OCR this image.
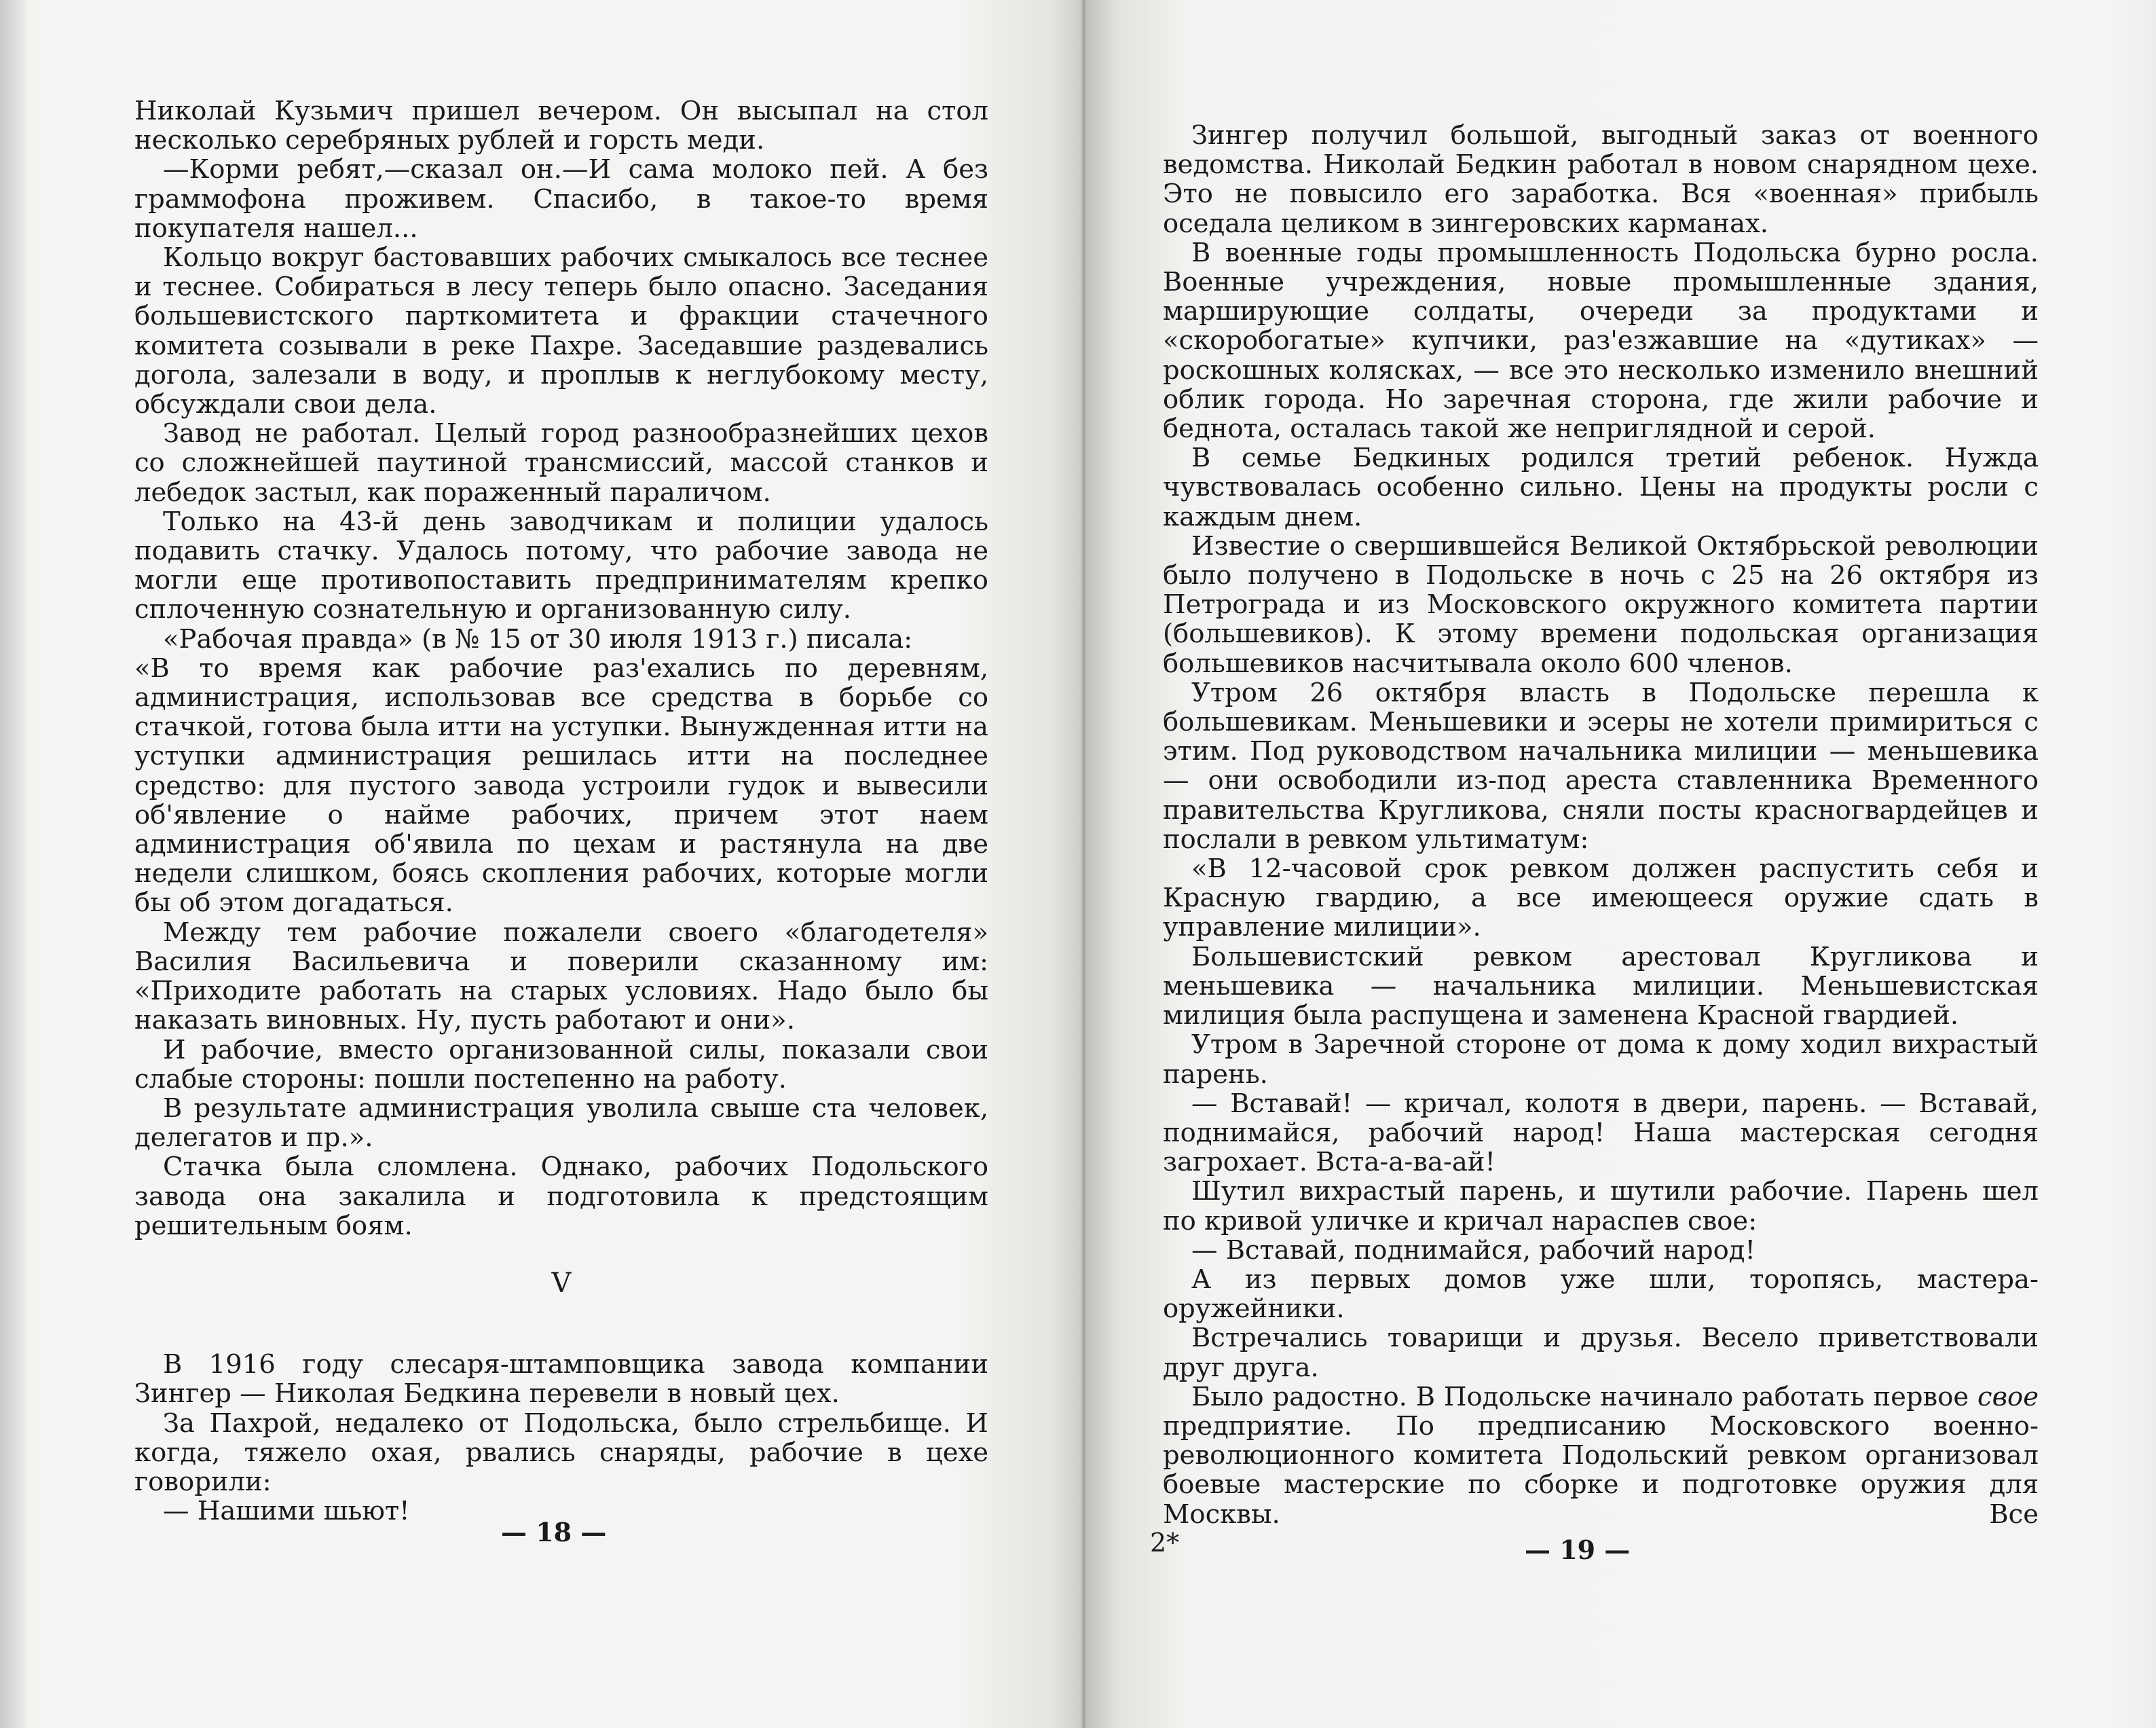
Николай Кузьмич пришел вечером. Он высыпал на стол несколько серебряных рублей и горсть меди.

—Корми ребят,—сказал он.—И сама молоко пей. А без граммофона проживем. Спасибо, в такое-то время покупателя нашел...

Кольцо вокруг бастовавших рабочих смыкалось все теснее и теснее. Собираться в лесу теперь было опасно. Заседания большевистского парткомитета и фракции стачечного комитета созывали в реке Пахре. Заседавшие раздевались догола, залезали в воду, и проплыв к неглубокому месту, обсуждали свои дела.

Завод не работал. Целый город разнообразнейших цехов со сложнейшей паутиной трансмиссий, массой станков и лебедок застыл, как пораженный параличом.

Только на 43-й день заводчикам и полиции удалось подавить стачку. Удалось потому, что рабочие завода не могли еще противопоставить предпринимателям крепко сплоченную сознательную и организованную силу.

«Рабочая правда» (в № 15 от 30 июля 1913 г.) писала:

«В то время как рабочие раз'ехались по деревням, администрация, использовав все средства в борьбе со стачкой, готова была итти на уступки. Вынужденная итти на уступки администрация решилась итти на последнее средство: для пустого завода устроили гудок и вывесили об'явление о найме рабочих, причем этот наем администрация об'явила по цехам и растянула на две недели слишком, боясь скопления рабочих, которые могли бы об этом догадаться.

Между тем рабочие пожалели своего «благодетеля» Василия Васильевича и поверили сказанному им: «Приходите работать на старых условиях. Надо было бы наказать виновных. Ну, пусть работают и они».

И рабочие, вместо организованной силы, показали свои слабые стороны: пошли постепенно на работу.

В результате администрация уволила свыше ста человек, делегатов и пр.».

Стачка была сломлена. Однако, рабочих Подольского завода она закалила и подготовила к предстоящим решительным боям.

V

В 1916 году слесаря-штамповщика завода компании Зингер — Николая Бедкина перевели в новый цех.

За Пахрой, недалеко от Подольска, было стрельбище. И когда, тяжело охая, рвались снаряды, рабочие в цехе говорили:

— Нашими шьют!

— 18 —

Зингер получил большой, выгодный заказ от военного ведомства. Николай Бедкин работал в новом снарядном цехе. Это не повысило его заработка. Вся «военная» прибыль оседала целиком в зингеровских карманах.

В военные годы промышленность Подольска бурно росла. Военные учреждения, новые промышленные здания, марширующие солдаты, очереди за продуктами и «скоробогатые» купчики, раз'езжавшие на «дутиках» — роскошных колясках, — все это несколько изменило внешний облик города. Но заречная сторона, где жили рабочие и беднота, осталась такой же неприглядной и серой.

В семье Бедкиных родился третий ребенок. Нужда чувствовалась особенно сильно. Цены на продукты росли с каждым днем.

Известие о свершившейся Великой Октябрьской революции было получено в Подольске в ночь с 25 на 26 октября из Петрограда и из Московского окружного комитета партии (большевиков). К этому времени подольская организация большевиков насчитывала около 600 членов.

Утром 26 октября власть в Подольске перешла к большевикам. Меньшевики и эсеры не хотели примириться с этим. Под руководством начальника милиции — меньшевика — они освободили из-под ареста ставленника Временного правительства Кругликова, сняли посты красногвардейцев и послали в ревком ультиматум:

«В 12-часовой срок ревком должен распустить себя и Красную гвардию, а все имеющееся оружие сдать в управление милиции».

Большевистский ревком арестовал Кругликова и меньшевика — начальника милиции. Меньшевистская милиция была распущена и заменена Красной гвардией.

Утром в Заречной стороне от дома к дому ходил вихрастый парень.

— Вставай! — кричал, колотя в двери, парень. — Вставай, поднимайся, рабочий народ! Наша мастерская сегодня загрохает. Вста-а-ва-ай!

Шутил вихрастый парень, и шутили рабочие. Парень шел по кривой уличке и кричал нараспев свое:

— Вставай, поднимайся, рабочий народ!

А из первых домов уже шли, торопясь, мастера-оружейники.

Встречались товарищи и друзья. Весело приветствовали друг друга.

Было радостно. В Подольске начинало работать первое свое предприятие. По предписанию Московского военно-революционного комитета Подольский ревком организовал боевые мастерские по сборке и подготовке оружия для Москвы. Все

2*	— 19 —
